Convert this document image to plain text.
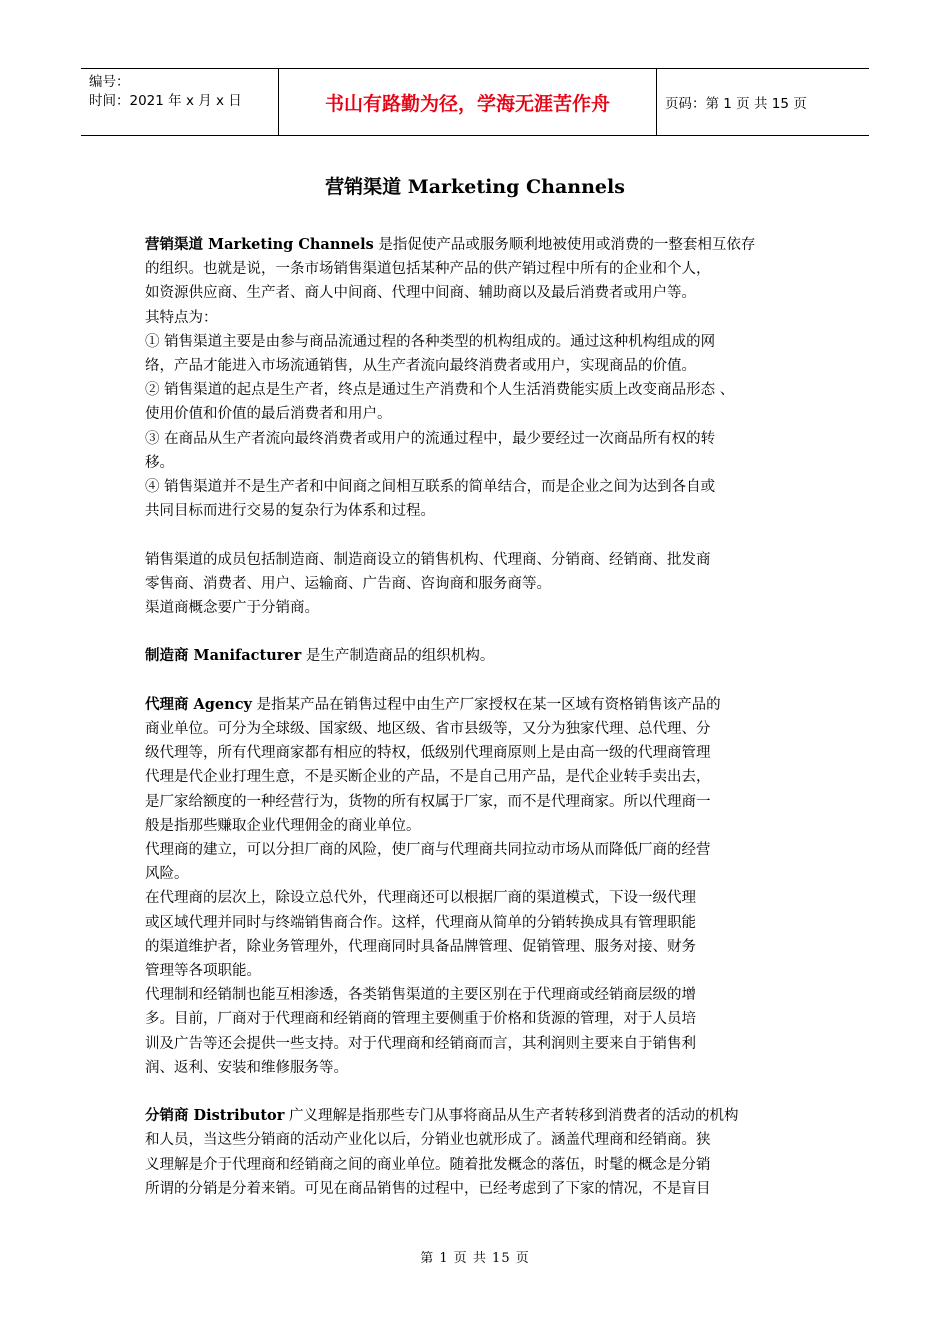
编号：
时间：2021 年 x 月 x 日	书山有路勤为径，学海无涯苦作舟	页码：第 1 页 共 15 页
营销渠道 Marketing Channels

营销渠道 Marketing Channels 是指促使产品或服务顺利地被使用或消费的一整套相互依存

的组织。也就是说，一条市场销售渠道包括某种产品的供产销过程中所有的企业和个人，

如资源供应商、生产者、商人中间商、代理中间商、辅助商以及最后消费者或用户等。

其特点为：

① 销售渠道主要是由参与商品流通过程的各种类型的机构组成的。通过这种机构组成的网

络，产品才能进入市场流通销售，从生产者流向最终消费者或用户，实现商品的价值。

② 销售渠道的起点是生产者，终点是通过生产消费和个人生活消费能实质上改变商品形态 、

使用价值和价值的最后消费者和用户。

③ 在商品从生产者流向最终消费者或用户的流通过程中，最少要经过一次商品所有权的转

移。

④ 销售渠道并不是生产者和中间商之间相互联系的简单结合，而是企业之间为达到各自或

共同目标而进行交易的复杂行为体系和过程。

销售渠道的成员包括制造商、制造商设立的销售机构、代理商、分销商、经销商、批发商

零售商、消费者、用户、运输商、广告商、咨询商和服务商等。

渠道商概念要广于分销商。

制造商 Manifacturer 是生产制造商品的组织机构。

代理商 Agency 是指某产品在销售过程中由生产厂家授权在某一区域有资格销售该产品的

商业单位。可分为全球级、国家级、地区级、省市县级等，又分为独家代理、总代理、分

级代理等，所有代理商家都有相应的特权，低级别代理商原则上是由高一级的代理商管理

代理是代企业打理生意，不是买断企业的产品，不是自己用产品，是代企业转手卖出去，

是厂家给额度的一种经营行为，货物的所有权属于厂家，而不是代理商家。所以代理商一

般是指那些赚取企业代理佣金的商业单位。

代理商的建立，可以分担厂商的风险，使厂商与代理商共同拉动市场从而降低厂商的经营

风险。

在代理商的层次上，除设立总代外，代理商还可以根据厂商的渠道模式，下设一级代理

或区域代理并同时与终端销售商合作。这样，代理商从简单的分销转换成具有管理职能

的渠道维护者，除业务管理外，代理商同时具备品牌管理、促销管理、服务对接、财务

管理等各项职能。

代理制和经销制也能互相渗透，各类销售渠道的主要区别在于代理商或经销商层级的增

多。目前，厂商对于代理商和经销商的管理主要侧重于价格和货源的管理，对于人员培

训及广告等还会提供一些支持。对于代理商和经销商而言，其利润则主要来自于销售利

润、返利、安装和维修服务等。

分销商 Distributor 广义理解是指那些专门从事将商品从生产者转移到消费者的活动的机构

和人员，当这些分销商的活动产业化以后，分销业也就形成了。涵盖代理商和经销商。狭

义理解是介于代理商和经销商之间的商业单位。随着批发概念的落伍，时髦的概念是分销

所谓的分销是分着来销。可见在商品销售的过程中，已经考虑到了下家的情况，不是盲目

第 1 页 共 15 页
